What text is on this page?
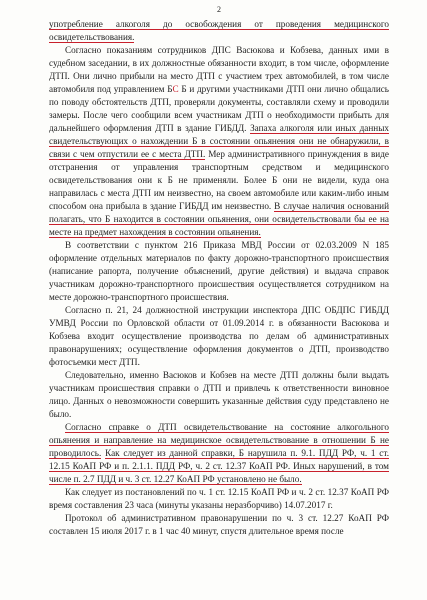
2

употребление алкоголя до освобождения от проведения медицинского освидетельствования.

Согласно показаниям сотрудников ДПС Васюкова и Кобзева, данных ими в судебном заседании, в их должностные обязанности входит, в том числе, оформление ДТП. Они лично прибыли на место ДТП с участием трех автомобилей, в том числе автомобиля под управлением БС Б и другими участниками ДТП они лично общались по поводу обстоятельств ДТП, проверяли документы, составляли схему и проводили замеры. После чего сообщили всем участникам ДТП о необходимости прибыть для дальнейшего оформления ДТП в здание ГИБДД. Запаха алкоголя или иных данных свидетельствующих о нахождении Б в состоянии опьянения они не обнаружили, в связи с чем отпустили ее с места ДТП. Мер административного принуждения в виде отстранения от управления транспортным средством и медицинского освидетельствования они к Б не применяли. Более Б они не видели, куда она направилась с места ДТП им неизвестно, на своем автомобиле или каким-либо иным способом она прибыла в здание ГИБДД им неизвестно. В случае наличия оснований полагать, что Б находится в состоянии опьянения, они освидетельствовали бы ее на месте на предмет нахождения в состоянии опьянения.

В соответствии с пунктом 216 Приказа МВД России от 02.03.2009 N 185 оформление отдельных материалов по факту дорожно-транспортного происшествия (написание рапорта, получение объяснений, другие действия) и выдача справок участникам дорожно-транспортного происшествия осуществляется сотрудником на месте дорожно-транспортного происшествия.

Согласно п. 21, 24 должностной инструкции инспектора ДПС ОБДПС ГИБДД УМВД России по Орловской области от 01.09.2014 г. в обязанности Васюкова и Кобзева входит осуществление производства по делам об административных правонарушениях; осуществление оформления документов о ДТП, производство фотосъемки мест ДТП.

Следовательно, именно Васюков и Кобзев на месте ДТП должны были выдать участникам происшествия справки о ДТП и привлечь к ответственности виновное лицо. Данных о невозможности совершить указанные действия суду представлено не было.

Согласно справке о ДТП освидетельствование на состояние алкогольного опьянения и направление на медицинское освидетельствование в отношении Б не проводилось. Как следует из данной справки, Б нарушила п. 9.1. ПДД РФ, ч. 1 ст. 12.15 КоАП РФ и п. 2.1.1. ПДД РФ, ч. 2 ст. 12.37 КоАП РФ. Иных нарушений, в том числе п. 2.7 ПДД и ч. 3 ст. 12.27 КоАП РФ установлено не было.

Как следует из постановлений по ч. 1 ст. 12.15 КоАП РФ и ч. 2 ст. 12.37 КоАП РФ время составления 23 часа (минуты указаны неразборчиво) 14.07.2017 г.

Протокол об административном правонарушении по ч. 3 ст. 12.27 КоАП РФ составлен 15 июля 2017 г. в 1 час 40 минут, спустя длительное время после
